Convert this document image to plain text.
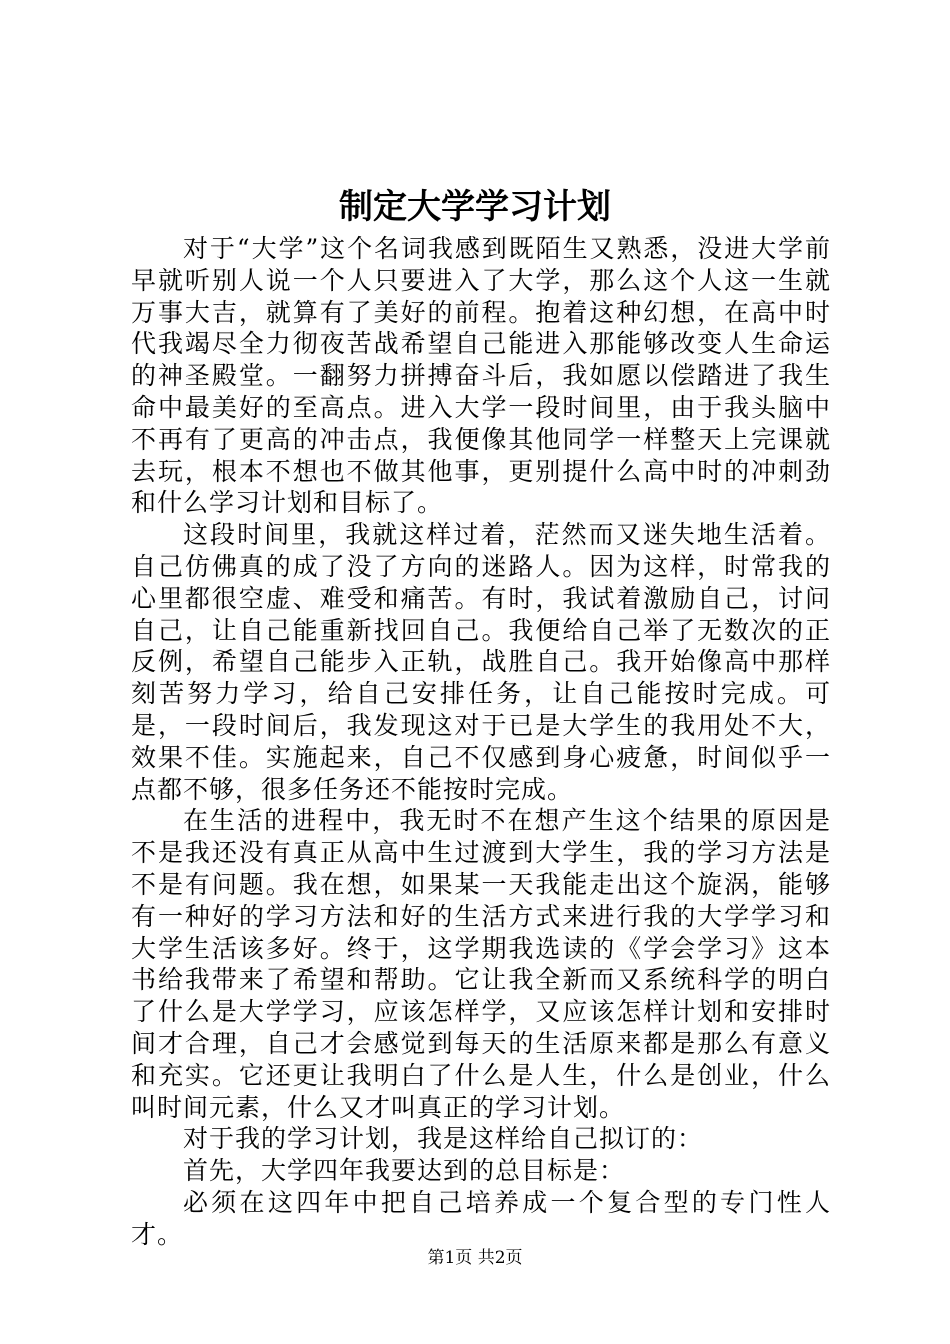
制定大学学习计划

对于“大学”这个名词我感到既陌生又熟悉，没进大学前早就听别人说一个人只要进入了大学，那么这个人这一生就万事大吉，就算有了美好的前程。抱着这种幻想，在高中时代我竭尽全力彻夜苦战希望自己能进入那能够改变人生命运的神圣殿堂。一翻努力拼搏奋斗后，我如愿以偿踏进了我生命中最美好的至高点。进入大学一段时间里，由于我头脑中不再有了更高的冲击点，我便像其他同学一样整天上完课就去玩，根本不想也不做其他事，更别提什么高中时的冲刺劲和什么学习计划和目标了。

这段时间里，我就这样过着，茫然而又迷失地生活着。自己仿佛真的成了没了方向的迷路人。因为这样，时常我的心里都很空虚、难受和痛苦。有时，我试着激励自己，讨问自己，让自己能重新找回自己。我便给自己举了无数次的正反例，希望自己能步入正轨，战胜自己。我开始像高中那样刻苦努力学习，给自己安排任务，让自己能按时完成。可是，一段时间后，我发现这对于已是大学生的我用处不大，效果不佳。实施起来，自己不仅感到身心疲惫，时间似乎一点都不够，很多任务还不能按时完成。

在生活的进程中，我无时不在想产生这个结果的原因是不是我还没有真正从高中生过渡到大学生，我的学习方法是不是有问题。我在想，如果某一天我能走出这个旋涡，能够有一种好的学习方法和好的生活方式来进行我的大学学习和大学生活该多好。终于，这学期我选读的《学会学习》这本书给我带来了希望和帮助。它让我全新而又系统科学的明白了什么是大学学习，应该怎样学，又应该怎样计划和安排时间才合理，自己才会感觉到每天的生活原来都是那么有意义和充实。它还更让我明白了什么是人生，什么是创业，什么叫时间元素，什么又才叫真正的学习计划。

对于我的学习计划，我是这样给自己拟订的：

首先，大学四年我要达到的总目标是：

必须在这四年中把自己培养成一个复合型的专门性人才。

第1页 共2页
